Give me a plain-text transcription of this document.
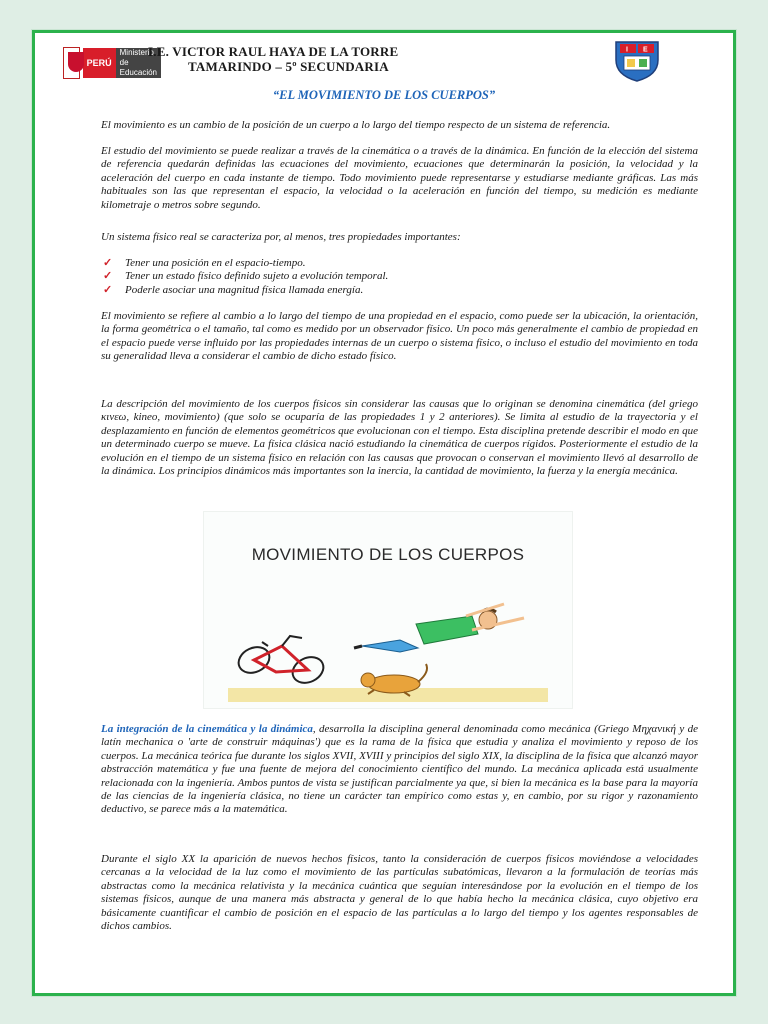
PERÚ
Ministerio
de Educación
I.E. VICTOR RAUL HAYA DE LA TORRE
TAMARINDO – 5º SECUNDARIA
I E
“EL MOVIMIENTO DE LOS CUERPOS”

El movimiento es un cambio de la posición de un cuerpo a lo largo del tiempo respecto de un sistema de referencia.

El estudio del movimiento se puede realizar a través de la cinemática o a través de la dinámica. En función de la elección del sistema de referencia quedarán definidas las ecuaciones del movimiento, ecuaciones que determinarán la posición, la velocidad y la aceleración del cuerpo en cada instante de tiempo. Todo movimiento puede representarse y estudiarse mediante gráficas. Las más habituales son las que representan el espacio, la velocidad o la aceleración en función del tiempo, su medición es mediante kilometraje o metros sobre segundo.

Un sistema físico real se caracteriza por, al menos, tres propiedades importantes:

✓	Tener una posición en el espacio-tiempo.
✓	Tener un estado físico definido sujeto a evolución temporal.
✓	Poderle asociar una magnitud física llamada energía.

El movimiento se refiere al cambio a lo largo del tiempo de una propiedad en el espacio, como puede ser la ubicación, la orientación, la forma geométrica o el tamaño, tal como es medido por un observador físico. Un poco más generalmente el cambio de propiedad en el espacio puede verse influido por las propiedades internas de un cuerpo o sistema físico, o incluso el estudio del movimiento en toda su generalidad lleva a considerar el cambio de dicho estado físico.

La descripción del movimiento de los cuerpos físicos sin considerar las causas que lo originan se denomina cinemática (del griego κινεω, kineo, movimiento) (que solo se ocuparía de las propiedades 1 y 2 anteriores). Se limita al estudio de la trayectoria y el desplazamiento en función de elementos geométricos que evolucionan con el tiempo. Esta disciplina pretende describir el modo en que un determinado cuerpo se mueve. La física clásica nació estudiando la cinemática de cuerpos rígidos. Posteriormente el estudio de la evolución en el tiempo de un sistema físico en relación con las causas que provocan o conservan el movimiento llevó al desarrollo de la dinámica. Los principios dinámicos más importantes son la inercia, la cantidad de movimiento, la fuerza y la energía mecánica.

MOVIMIENTO DE LOS CUERPOS

La integración de la cinemática y la dinámica, desarrolla la disciplina general denominada como mecánica (Griego Μηχανική y de latín mechanica o 'arte de construir máquinas') que es la rama de la física que estudia y analiza el movimiento y reposo de los cuerpos. La mecánica teórica fue durante los siglos XVII, XVIII y principios del siglo XIX, la disciplina de la física que alcanzó mayor abstracción matemática y fue una fuente de mejora del conocimiento científico del mundo. La mecánica aplicada está usualmente relacionada con la ingeniería. Ambos puntos de vista se justifican parcialmente ya que, si bien la mecánica es la base para la mayoría de las ciencias de la ingeniería clásica, no tiene un carácter tan empírico como estas y, en cambio, por su rigor y razonamiento deductivo, se parece más a la matemática.

Durante el siglo XX la aparición de nuevos hechos físicos, tanto la consideración de cuerpos físicos moviéndose a velocidades cercanas a la velocidad de la luz como el movimiento de las partículas subatómicas, llevaron a la formulación de teorías más abstractas como la mecánica relativista y la mecánica cuántica que seguían interesándose por la evolución en el tiempo de los sistemas físicos, aunque de una manera más abstracta y general de lo que había hecho la mecánica clásica, cuyo objetivo era básicamente cuantificar el cambio de posición en el espacio de las partículas a lo largo del tiempo y los agentes responsables de dichos cambios.
